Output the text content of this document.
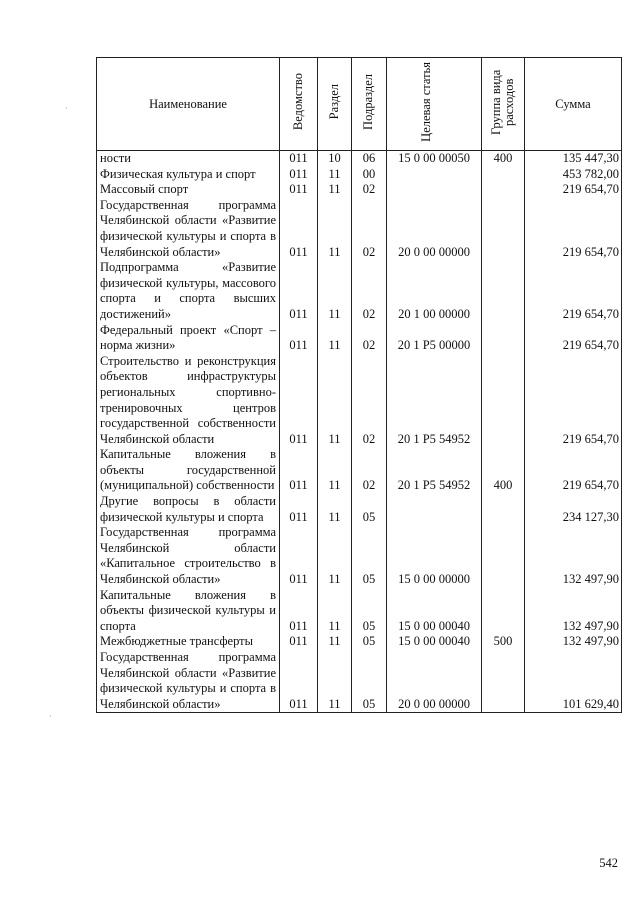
Наименование	Ведомство	Раздел	Подраздел	Целевая статья	Группа вида расходов	Сумма
ности	011	10	06	15 0 00 00050	400	135 447,30
Физическая культура и спорт	011	11	00			453 782,00
Массовый спорт	011	11	02			219 654,70
Государственная программа Челябинской области «Развитие физической культуры и спорта в Челябинской области»	011	11	02	20 0 00 00000		219 654,70
Подпрограмма «Развитие физической культуры, массового спорта и спорта высших достижений»	011	11	02	20 1 00 00000		219 654,70
Федеральный проект «Спорт – норма жизни»	011	11	02	20 1 P5 00000		219 654,70
Строительство и реконструкция объектов инфраструктуры региональных спортивно-тренировочных центров государственной собственности Челябинской области	011	11	02	20 1 P5 54952		219 654,70
Капитальные вложения в объекты государственной (муниципальной) собственности	011	11	02	20 1 P5 54952	400	219 654,70
Другие вопросы в области физической культуры и спорта	011	11	05			234 127,30
Государственная программа Челябинской области «Капитальное строительство в Челябинской области»	011	11	05	15 0 00 00000		132 497,90
Капитальные вложения в объекты физической культуры и спорта	011	11	05	15 0 00 00040		132 497,90
Межбюджетные трансферты	011	11	05	15 0 00 00040	500	132 497,90
Государственная программа Челябинской области «Развитие физической культуры и спорта в Челябинской области»	011	11	05	20 0 00 00000		101 629,40
542
·
·
